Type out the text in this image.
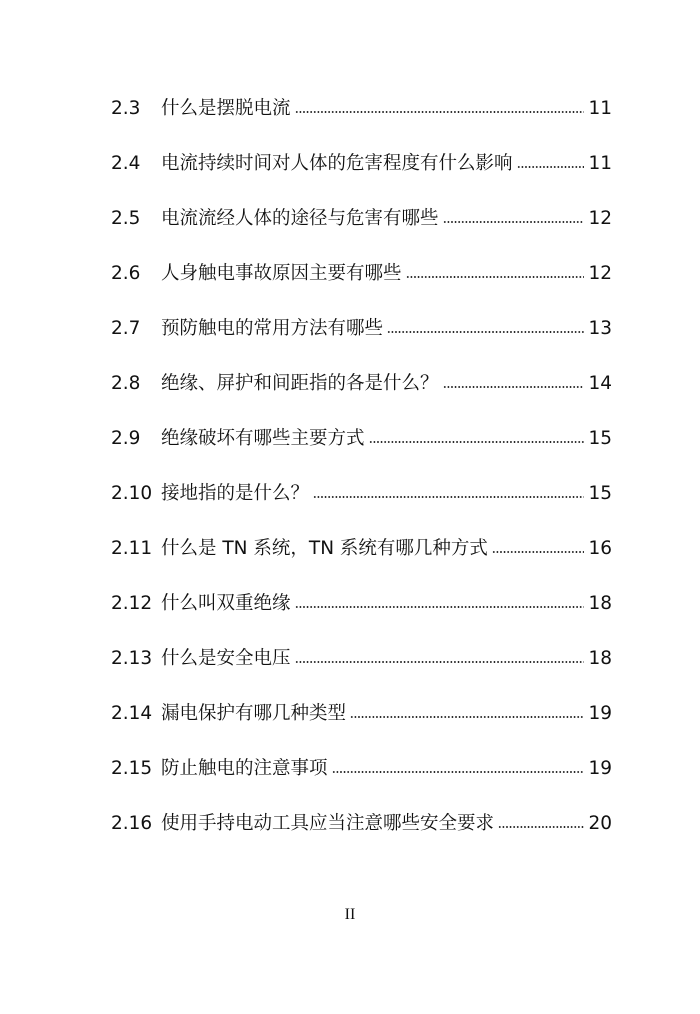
2.3	什么是摆脱电流	11
2.4	电流持续时间对人体的危害程度有什么影响	11
2.5	电流流经人体的途径与危害有哪些	12
2.6	人身触电事故原因主要有哪些	12
2.7	预防触电的常用方法有哪些	13
2.8	绝缘、屏护和间距指的各是什么？	14
2.9	绝缘破坏有哪些主要方式	15
2.10 接地指的是什么？	15
2.11 什么是 TN 系统，TN 系统有哪几种方式	16
2.12 什么叫双重绝缘	18
2.13 什么是安全电压	18
2.14 漏电保护有哪几种类型	19
2.15 防止触电的注意事项	19
2.16 使用手持电动工具应当注意哪些安全要求	20
II
